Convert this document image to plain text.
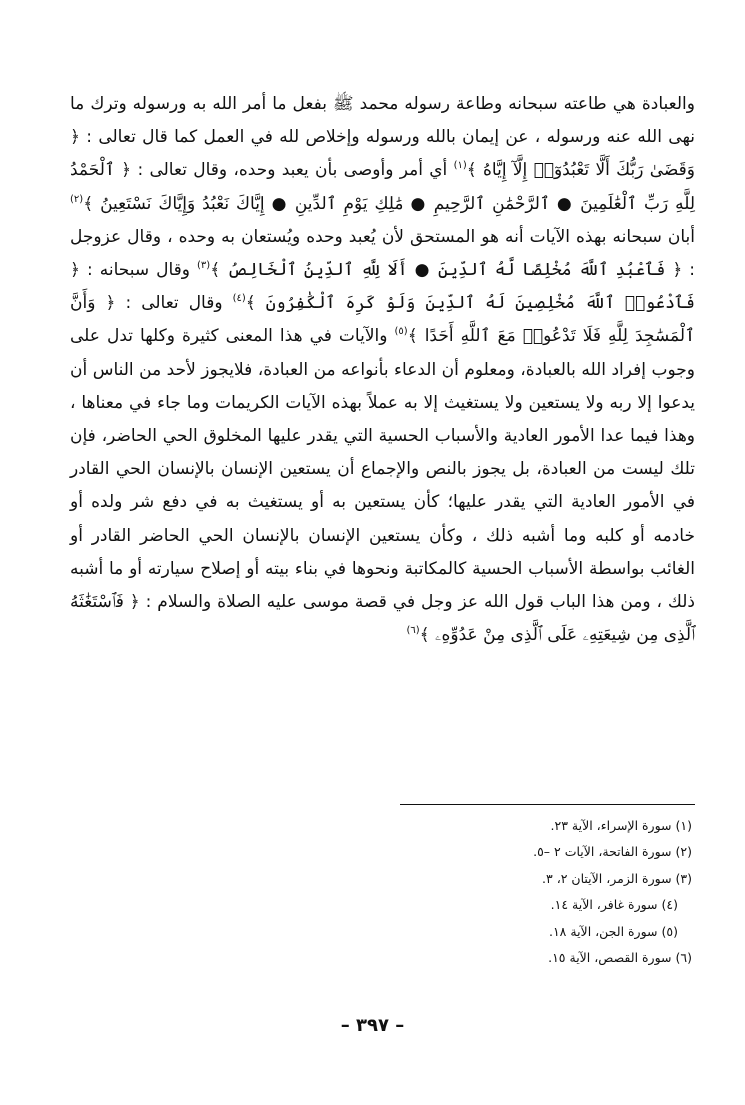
والعبادة هي طاعته سبحانه وطاعة رسوله محمد ﷺ بفعل ما أمر الله به ورسوله وترك ما نهى الله عنه ورسوله ، عن إيمان بالله ورسوله وإخلاص لله في العمل كما قال تعالى : ﴿ وَقَضَىٰ رَبُّكَ أَلَّا تَعْبُدُوٓا۟ إِلَّآ إِيَّاهُ ﴾$^{(١)}$ أي أمر وأوصى بأن يعبد وحده، وقال تعالى : ﴿ ٱلْحَمْدُ لِلَّهِ رَبِّ ٱلْعَٰلَمِينَ ● ٱلرَّحْمَٰنِ ٱلرَّحِيمِ ● مَٰلِكِ يَوْمِ ٱلدِّينِ ● إِيَّاكَ نَعْبُدُ وَإِيَّاكَ نَسْتَعِينُ ﴾$^{(٢)}$ أبان سبحانه بهذه الآيات أنه هو المستحق لأن يُعبد وحده ويُستعان به وحده ، وقال عزوجل : ﴿ فَٱعْبُدِ ٱللَّهَ مُخْلِصًا لَّهُ ٱلدِّينَ ● أَلَا لِلَّهِ ٱلدِّينُ ٱلْخَالِصُ ﴾$^{(٣)}$ وقال سبحانه : ﴿ فَٱدْعُوا۟ ٱللَّهَ مُخْلِصِينَ لَهُ ٱلدِّينَ وَلَوْ كَرِهَ ٱلْكَٰفِرُونَ ﴾$^{(٤)}$ وقال تعالى : ﴿ وَأَنَّ ٱلْمَسَٰجِدَ لِلَّهِ فَلَا تَدْعُوا۟ مَعَ ٱللَّهِ أَحَدًا ﴾$^{(٥)}$ والآيات في هذا المعنى كثيرة وكلها تدل على وجوب إفراد الله بالعبادة، ومعلوم أن الدعاء بأنواعه من العبادة، فلايجوز لأحد من الناس أن يدعوا إلا ربه ولا يستعين ولا يستغيث إلا به عملاً بهذه الآيات الكريمات وما جاء في معناها ، وهذا فيما عدا الأمور العادية والأسباب الحسية التي يقدر عليها المخلوق الحي الحاضر، فإن تلك ليست من العبادة، بل يجوز بالنص والإجماع أن يستعين الإنسان بالإنسان الحي القادر في الأمور العادية التي يقدر عليها؛ كأن يستعين به أو يستغيث به في دفع شر ولده أو خادمه أو كلبه وما أشبه ذلك ، وكأن يستعين الإنسان بالإنسان الحي الحاضر القادر أو الغائب بواسطة الأسباب الحسية كالمكاتبة ونحوها في بناء بيته أو إصلاح سيارته أو ما أشبه ذلك ، ومن هذا الباب قول الله عز وجل في قصة موسى عليه الصلاة والسلام : ﴿ فَٱسْتَغَٰثَهُ ٱلَّذِى مِن شِيعَتِهِۦ عَلَى ٱلَّذِى مِنْ عَدُوِّهِۦ ﴾$^{(٦)}$

(١) سورة الإسراء، الآية ٢٣.
(٢) سورة الفاتحة، الآيات ٢ –٥.
(٣) سورة الزمر، الآيتان ٢، ٣.
(٤) سورة غافر، الآية ١٤.
(٥) سورة الجن، الآية ١٨.
(٦) سورة القصص، الآية ١٥.
– ٣٩٧ –
